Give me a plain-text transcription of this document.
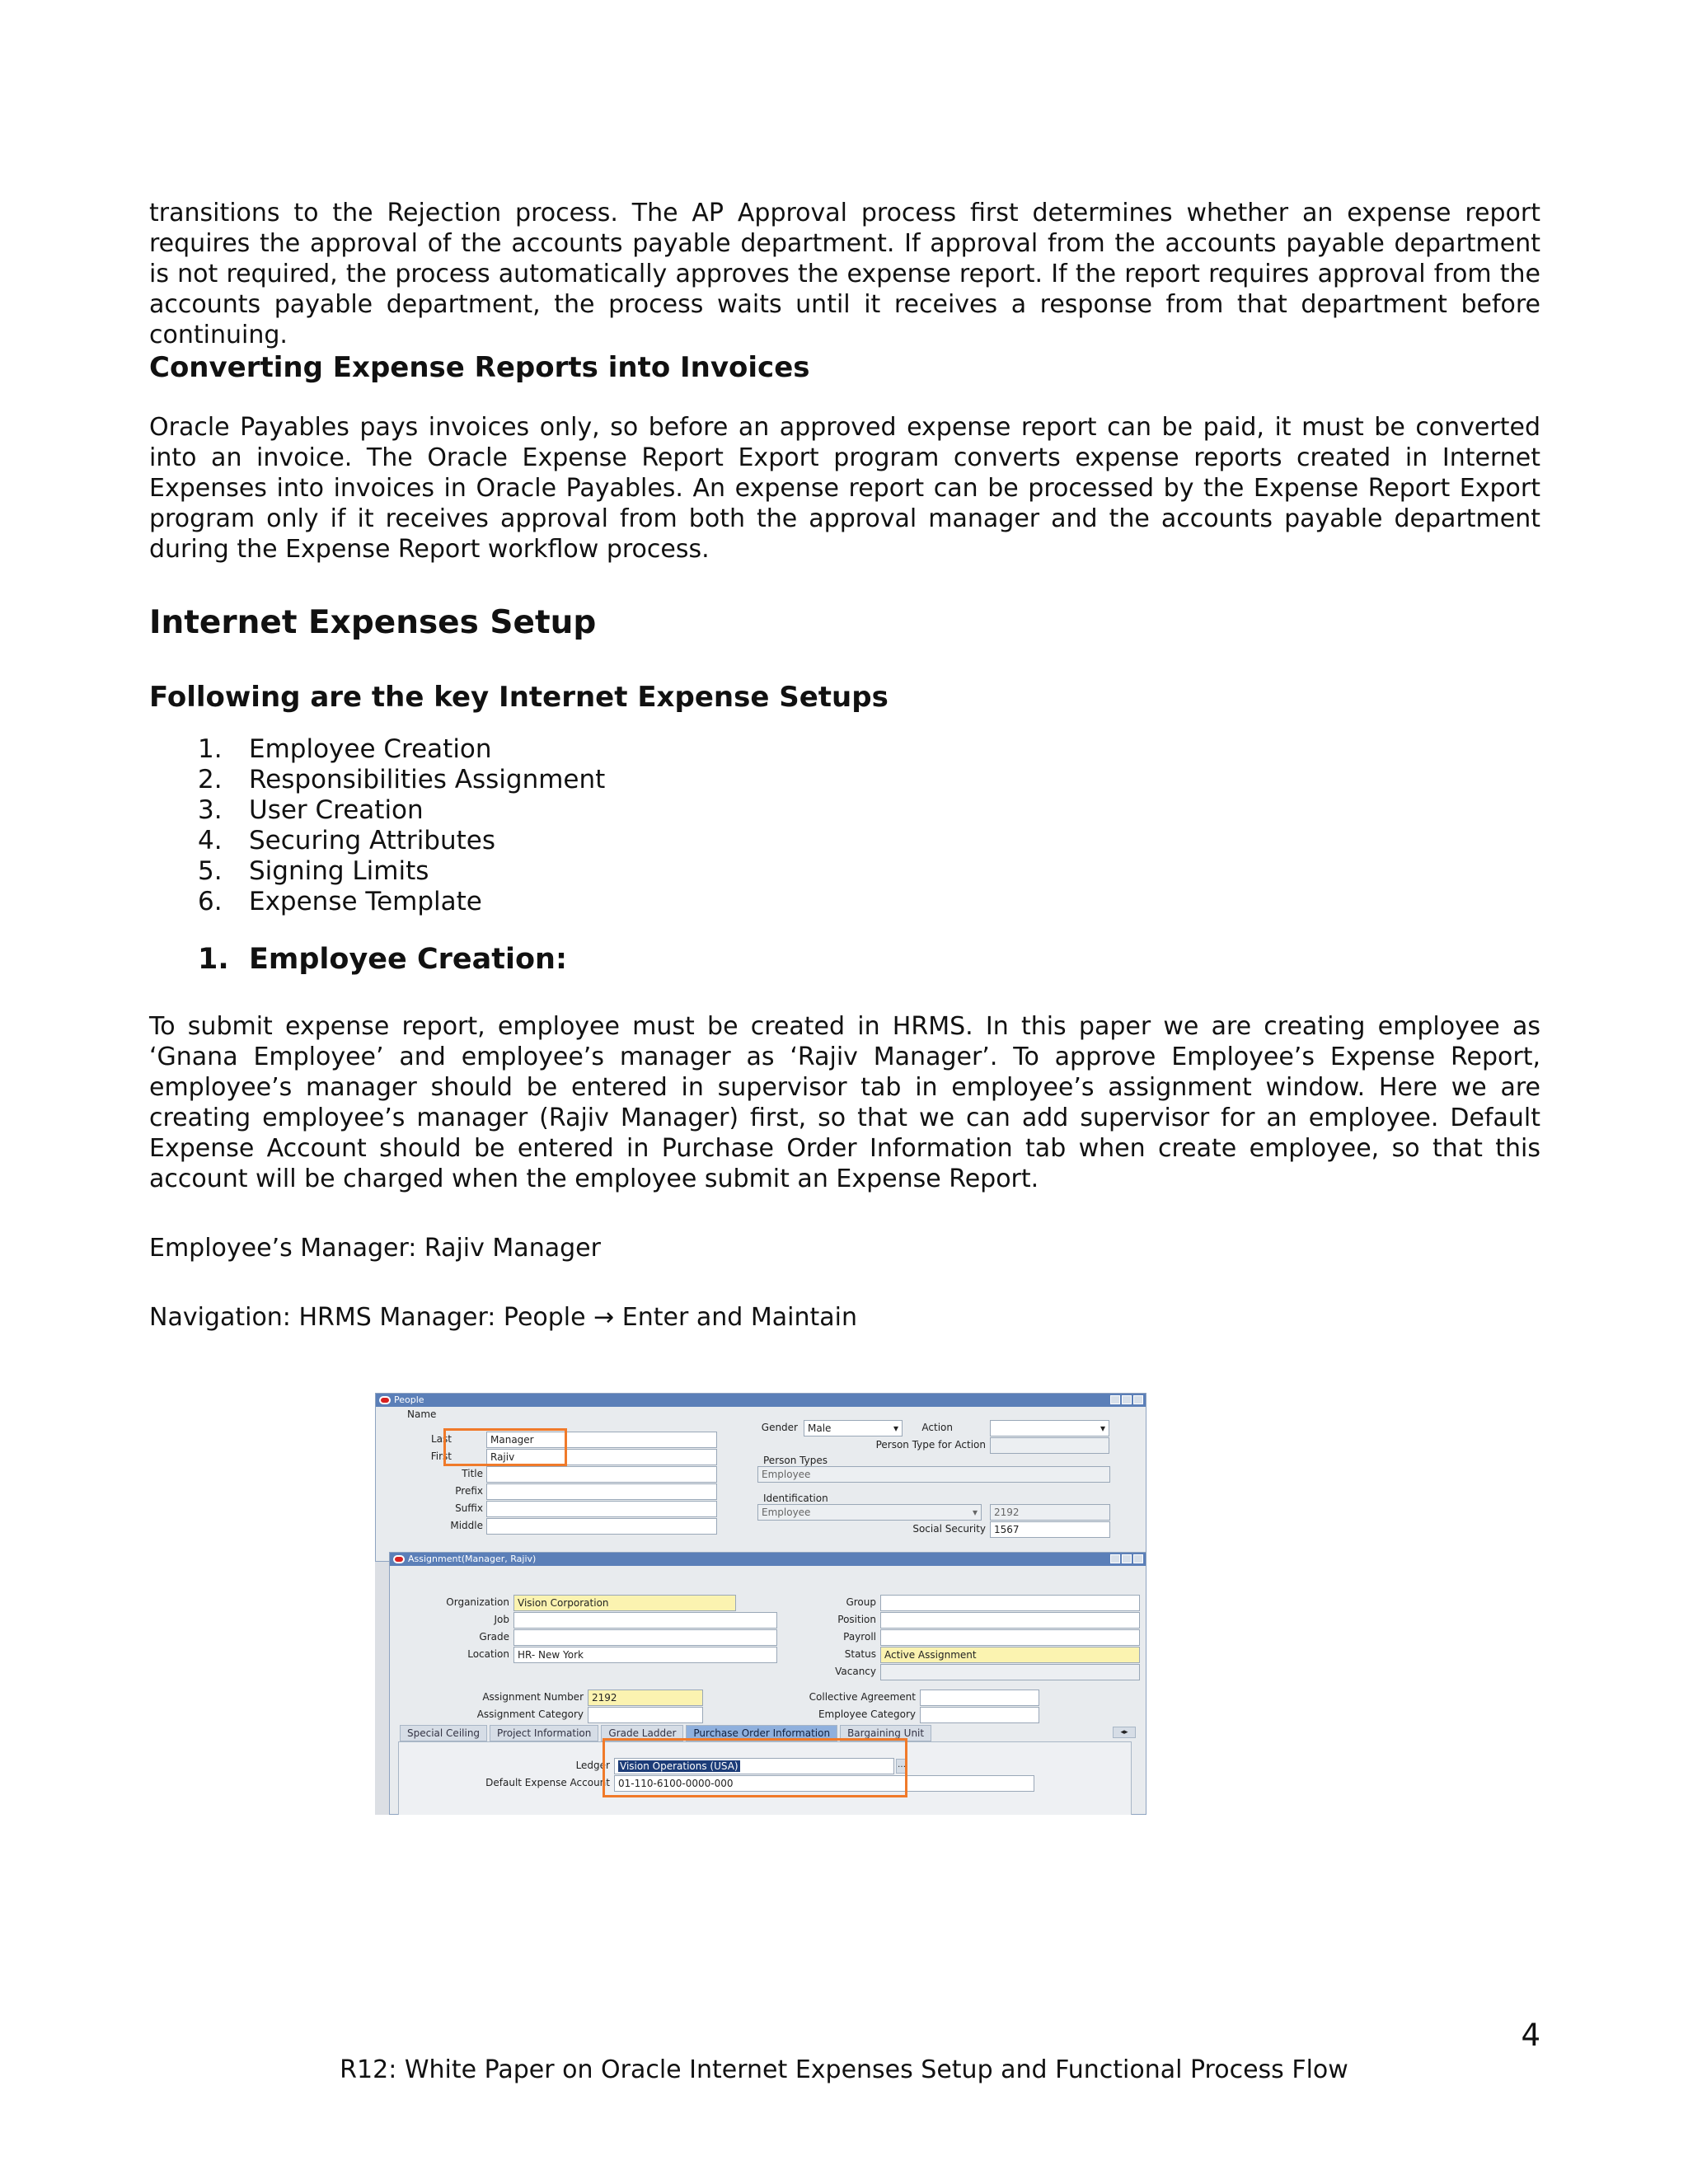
transitions to the Rejection process. The AP Approval process first determines whether an expense report requires the approval of the accounts payable department. If approval from the accounts payable department is not required, the process automatically approves the expense report. If the report requires approval from the accounts payable department, the process waits until it receives a response from that department before continuing.

Converting Expense Reports into Invoices

Oracle Payables pays invoices only, so before an approved expense report can be paid, it must be converted into an invoice. The Oracle Expense Report Export program converts expense reports created in Internet Expenses into invoices in Oracle Payables. An expense report can be processed by the Expense Report Export program only if it receives approval from both the approval manager and the accounts payable department during the Expense Report workflow process.

Internet Expenses Setup
Following are the key Internet Expense Setups
1.	Employee Creation
2.	Responsibilities Assignment
3.	User Creation
4.	Securing Attributes
5.	Signing Limits
6.	Expense Template
1. Employee Creation:

To submit expense report, employee must be created in HRMS. In this paper we are creating employee as ‘Gnana Employee’ and employee’s manager as ‘Rajiv Manager’. To approve Employee’s Expense Report, employee’s manager should be entered in supervisor tab in employee’s assignment window. Here we are creating employee’s manager (Rajiv Manager) first, so that we can add supervisor for an employee. Default Expense Account should be entered in Purchase Order Information tab when create employee, so that this account will be charged when the employee submit an Expense Report.

Employee’s Manager: Rajiv Manager

Navigation: HRMS Manager: People → Enter and Maintain

People
Name
Last	Manager
First	Rajiv
Title
Prefix
Suffix
Middle
Gender	Male	▾	Action	▾
Person Type for Action
Person Types
Employee
Identification
Employee	▾	2192
Social Security 1567
Assignment(Manager, Rajiv)
Organization Vision Corporation
Job
Grade
Location HR- New York
Group
Position
Payroll
Status Active Assignment
Vacancy
Assignment Number 2192
Assignment Category
Collective Agreement
Employee Category
Special Ceiling	Project Information	Grade Ladder	Purchase Order Information	Bargaining Unit	◂▸
Ledger	Vision Operations (USA)	…
Default Expense Account 01-110-6100-0000-000
4
R12: White Paper on Oracle Internet Expenses Setup and Functional Process Flow
